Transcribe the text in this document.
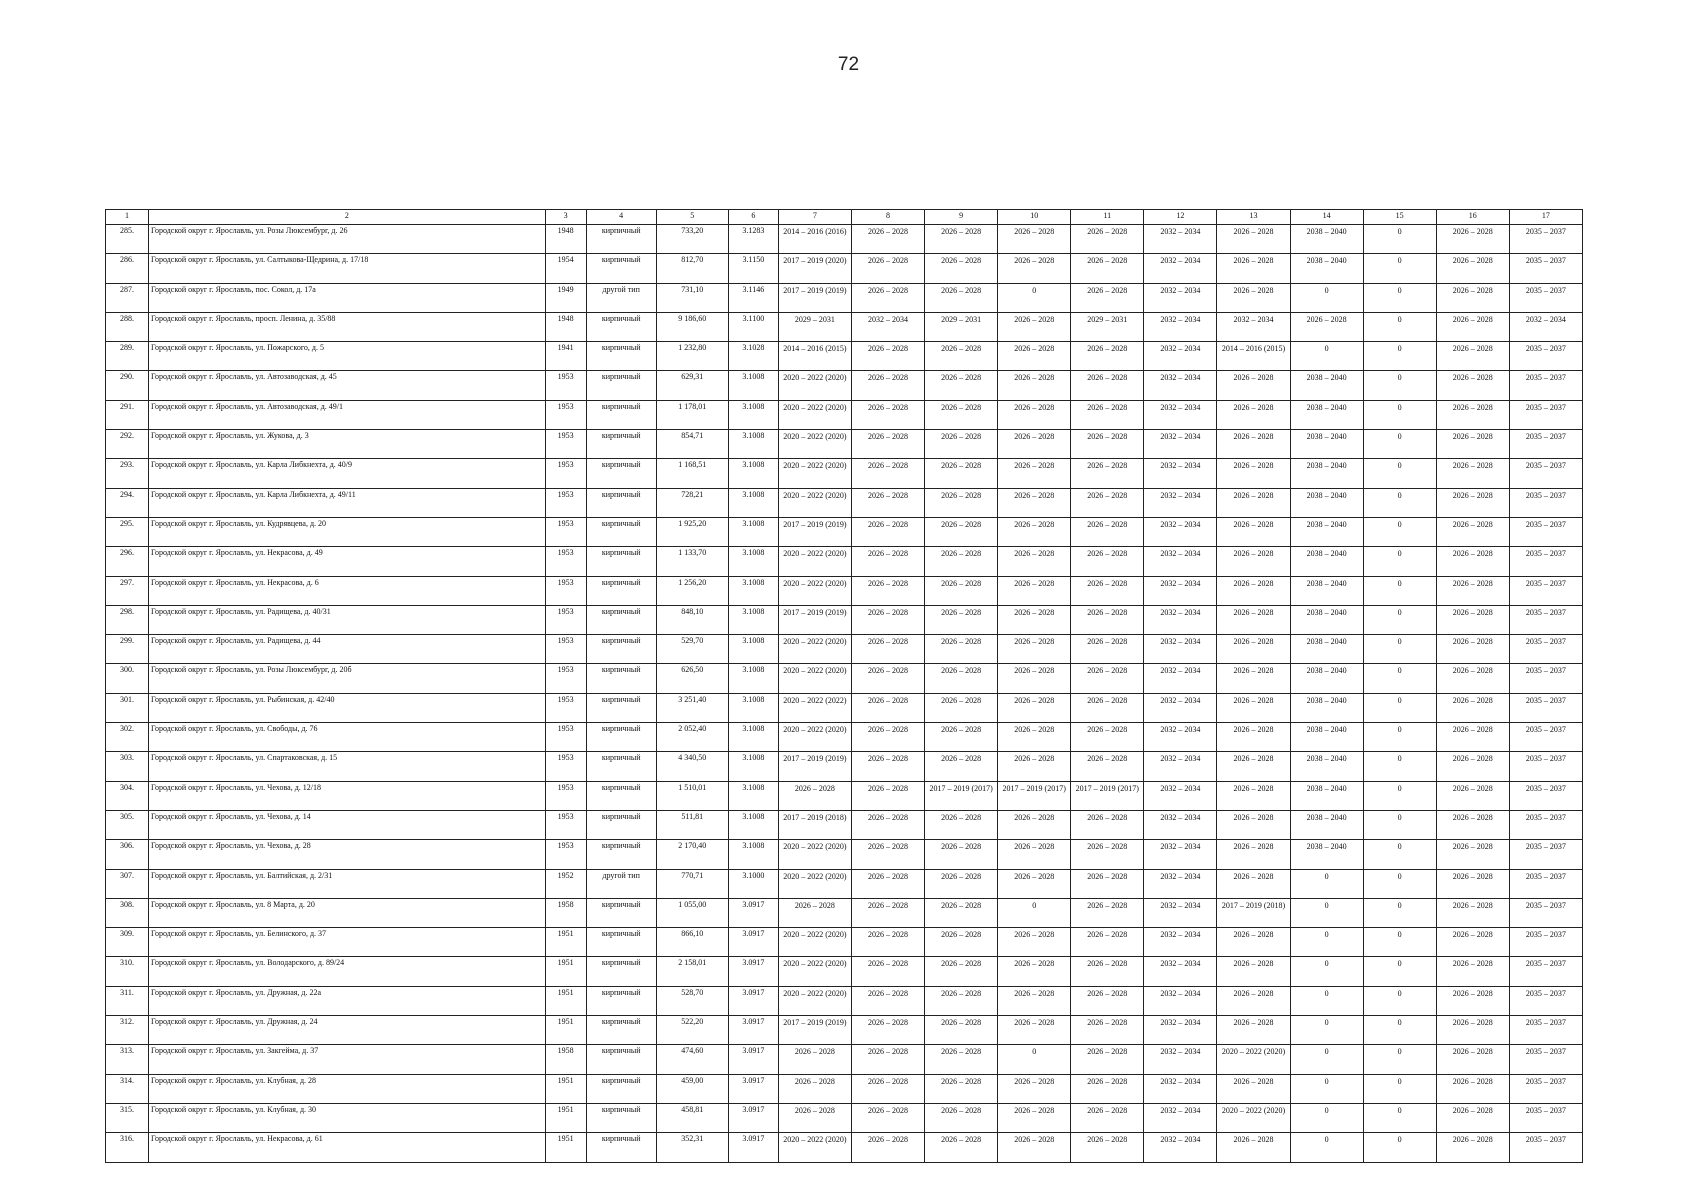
72
1	2	3	4	5	6	7	8	9	10	11	12	13	14	15	16	17
285.	Городской округ г. Ярославль, ул. Розы Люксембург, д. 26	1948	кирпичный	733,20	3.1283	2014 – 2016 (2016)	2026 – 2028	2026 – 2028	2026 – 2028	2026 – 2028	2032 – 2034	2026 – 2028	2038 – 2040	0	2026 – 2028	2035 – 2037
286.	Городской округ г. Ярославль, ул. Салтыкова-Щедрина, д. 17/18	1954	кирпичный	812,70	3.1150	2017 – 2019 (2020)	2026 – 2028	2026 – 2028	2026 – 2028	2026 – 2028	2032 – 2034	2026 – 2028	2038 – 2040	0	2026 – 2028	2035 – 2037
287.	Городской округ г. Ярославль, пос. Сокол, д. 17а	1949	другой тип	731,10	3.1146	2017 – 2019 (2019)	2026 – 2028	2026 – 2028	0	2026 – 2028	2032 – 2034	2026 – 2028	0	0	2026 – 2028	2035 – 2037
288.	Городской округ г. Ярославль, просп. Ленина, д. 35/88	1948	кирпичный	9 186,60	3.1100	2029 – 2031	2032 – 2034	2029 – 2031	2026 – 2028	2029 – 2031	2032 – 2034	2032 – 2034	2026 – 2028	0	2026 – 2028	2032 – 2034
289.	Городской округ г. Ярославль, ул. Пожарского, д. 5	1941	кирпичный	1 232,80	3.1028	2014 – 2016 (2015)	2026 – 2028	2026 – 2028	2026 – 2028	2026 – 2028	2032 – 2034	2014 – 2016 (2015)	0	0	2026 – 2028	2035 – 2037
290.	Городской округ г. Ярославль, ул. Автозаводская, д. 45	1953	кирпичный	629,31	3.1008	2020 – 2022 (2020)	2026 – 2028	2026 – 2028	2026 – 2028	2026 – 2028	2032 – 2034	2026 – 2028	2038 – 2040	0	2026 – 2028	2035 – 2037
291.	Городской округ г. Ярославль, ул. Автозаводская, д. 49/1	1953	кирпичный	1 178,01	3.1008	2020 – 2022 (2020)	2026 – 2028	2026 – 2028	2026 – 2028	2026 – 2028	2032 – 2034	2026 – 2028	2038 – 2040	0	2026 – 2028	2035 – 2037
292.	Городской округ г. Ярославль, ул. Жукова, д. 3	1953	кирпичный	854,71	3.1008	2020 – 2022 (2020)	2026 – 2028	2026 – 2028	2026 – 2028	2026 – 2028	2032 – 2034	2026 – 2028	2038 – 2040	0	2026 – 2028	2035 – 2037
293.	Городской округ г. Ярославль, ул. Карла Либкнехта, д. 40/9	1953	кирпичный	1 168,51	3.1008	2020 – 2022 (2020)	2026 – 2028	2026 – 2028	2026 – 2028	2026 – 2028	2032 – 2034	2026 – 2028	2038 – 2040	0	2026 – 2028	2035 – 2037
294.	Городской округ г. Ярославль, ул. Карла Либкнехта, д. 49/11	1953	кирпичный	728,21	3.1008	2020 – 2022 (2020)	2026 – 2028	2026 – 2028	2026 – 2028	2026 – 2028	2032 – 2034	2026 – 2028	2038 – 2040	0	2026 – 2028	2035 – 2037
295.	Городской округ г. Ярославль, ул. Кудрявцева, д. 20	1953	кирпичный	1 925,20	3.1008	2017 – 2019 (2019)	2026 – 2028	2026 – 2028	2026 – 2028	2026 – 2028	2032 – 2034	2026 – 2028	2038 – 2040	0	2026 – 2028	2035 – 2037
296.	Городской округ г. Ярославль, ул. Некрасова, д. 49	1953	кирпичный	1 133,70	3.1008	2020 – 2022 (2020)	2026 – 2028	2026 – 2028	2026 – 2028	2026 – 2028	2032 – 2034	2026 – 2028	2038 – 2040	0	2026 – 2028	2035 – 2037
297.	Городской округ г. Ярославль, ул. Некрасова, д. 6	1953	кирпичный	1 256,20	3.1008	2020 – 2022 (2020)	2026 – 2028	2026 – 2028	2026 – 2028	2026 – 2028	2032 – 2034	2026 – 2028	2038 – 2040	0	2026 – 2028	2035 – 2037
298.	Городской округ г. Ярославль, ул. Радищева, д. 40/31	1953	кирпичный	848,10	3.1008	2017 – 2019 (2019)	2026 – 2028	2026 – 2028	2026 – 2028	2026 – 2028	2032 – 2034	2026 – 2028	2038 – 2040	0	2026 – 2028	2035 – 2037
299.	Городской округ г. Ярославль, ул. Радищева, д. 44	1953	кирпичный	529,70	3.1008	2020 – 2022 (2020)	2026 – 2028	2026 – 2028	2026 – 2028	2026 – 2028	2032 – 2034	2026 – 2028	2038 – 2040	0	2026 – 2028	2035 – 2037
300.	Городской округ г. Ярославль, ул. Розы Люксембург, д. 20б	1953	кирпичный	626,50	3.1008	2020 – 2022 (2020)	2026 – 2028	2026 – 2028	2026 – 2028	2026 – 2028	2032 – 2034	2026 – 2028	2038 – 2040	0	2026 – 2028	2035 – 2037
301.	Городской округ г. Ярославль, ул. Рыбинская, д. 42/40	1953	кирпичный	3 251,40	3.1008	2020 – 2022 (2022)	2026 – 2028	2026 – 2028	2026 – 2028	2026 – 2028	2032 – 2034	2026 – 2028	2038 – 2040	0	2026 – 2028	2035 – 2037
302.	Городской округ г. Ярославль, ул. Свободы, д. 76	1953	кирпичный	2 052,40	3.1008	2020 – 2022 (2020)	2026 – 2028	2026 – 2028	2026 – 2028	2026 – 2028	2032 – 2034	2026 – 2028	2038 – 2040	0	2026 – 2028	2035 – 2037
303.	Городской округ г. Ярославль, ул. Спартаковская, д. 15	1953	кирпичный	4 340,50	3.1008	2017 – 2019 (2019)	2026 – 2028	2026 – 2028	2026 – 2028	2026 – 2028	2032 – 2034	2026 – 2028	2038 – 2040	0	2026 – 2028	2035 – 2037
304.	Городской округ г. Ярославль, ул. Чехова, д. 12/18	1953	кирпичный	1 510,01	3.1008	2026 – 2028	2026 – 2028	2017 – 2019 (2017)	2017 – 2019 (2017)	2017 – 2019 (2017)	2032 – 2034	2026 – 2028	2038 – 2040	0	2026 – 2028	2035 – 2037
305.	Городской округ г. Ярославль, ул. Чехова, д. 14	1953	кирпичный	511,81	3.1008	2017 – 2019 (2018)	2026 – 2028	2026 – 2028	2026 – 2028	2026 – 2028	2032 – 2034	2026 – 2028	2038 – 2040	0	2026 – 2028	2035 – 2037
306.	Городской округ г. Ярославль, ул. Чехова, д. 28	1953	кирпичный	2 170,40	3.1008	2020 – 2022 (2020)	2026 – 2028	2026 – 2028	2026 – 2028	2026 – 2028	2032 – 2034	2026 – 2028	2038 – 2040	0	2026 – 2028	2035 – 2037
307.	Городской округ г. Ярославль, ул. Балтийская, д. 2/31	1952	другой тип	770,71	3.1000	2020 – 2022 (2020)	2026 – 2028	2026 – 2028	2026 – 2028	2026 – 2028	2032 – 2034	2026 – 2028	0	0	2026 – 2028	2035 – 2037
308.	Городской округ г. Ярославль, ул. 8 Марта, д. 20	1958	кирпичный	1 055,00	3.0917	2026 – 2028	2026 – 2028	2026 – 2028	0	2026 – 2028	2032 – 2034	2017 – 2019 (2018)	0	0	2026 – 2028	2035 – 2037
309.	Городской округ г. Ярославль, ул. Белинского, д. 37	1951	кирпичный	866,10	3.0917	2020 – 2022 (2020)	2026 – 2028	2026 – 2028	2026 – 2028	2026 – 2028	2032 – 2034	2026 – 2028	0	0	2026 – 2028	2035 – 2037
310.	Городской округ г. Ярославль, ул. Володарского, д. 89/24	1951	кирпичный	2 158,01	3.0917	2020 – 2022 (2020)	2026 – 2028	2026 – 2028	2026 – 2028	2026 – 2028	2032 – 2034	2026 – 2028	0	0	2026 – 2028	2035 – 2037
311.	Городской округ г. Ярославль, ул. Дружная, д. 22а	1951	кирпичный	528,70	3.0917	2020 – 2022 (2020)	2026 – 2028	2026 – 2028	2026 – 2028	2026 – 2028	2032 – 2034	2026 – 2028	0	0	2026 – 2028	2035 – 2037
312.	Городской округ г. Ярославль, ул. Дружная, д. 24	1951	кирпичный	522,20	3.0917	2017 – 2019 (2019)	2026 – 2028	2026 – 2028	2026 – 2028	2026 – 2028	2032 – 2034	2026 – 2028	0	0	2026 – 2028	2035 – 2037
313.	Городской округ г. Ярославль, ул. Закгейма, д. 37	1958	кирпичный	474,60	3.0917	2026 – 2028	2026 – 2028	2026 – 2028	0	2026 – 2028	2032 – 2034	2020 – 2022 (2020)	0	0	2026 – 2028	2035 – 2037
314.	Городской округ г. Ярославль, ул. Клубная, д. 28	1951	кирпичный	459,00	3.0917	2026 – 2028	2026 – 2028	2026 – 2028	2026 – 2028	2026 – 2028	2032 – 2034	2026 – 2028	0	0	2026 – 2028	2035 – 2037
315.	Городской округ г. Ярославль, ул. Клубная, д. 30	1951	кирпичный	458,81	3.0917	2026 – 2028	2026 – 2028	2026 – 2028	2026 – 2028	2026 – 2028	2032 – 2034	2020 – 2022 (2020)	0	0	2026 – 2028	2035 – 2037
316.	Городской округ г. Ярославль, ул. Некрасова, д. 61	1951	кирпичный	352,31	3.0917	2020 – 2022 (2020)	2026 – 2028	2026 – 2028	2026 – 2028	2026 – 2028	2032 – 2034	2026 – 2028	0	0	2026 – 2028	2035 – 2037
